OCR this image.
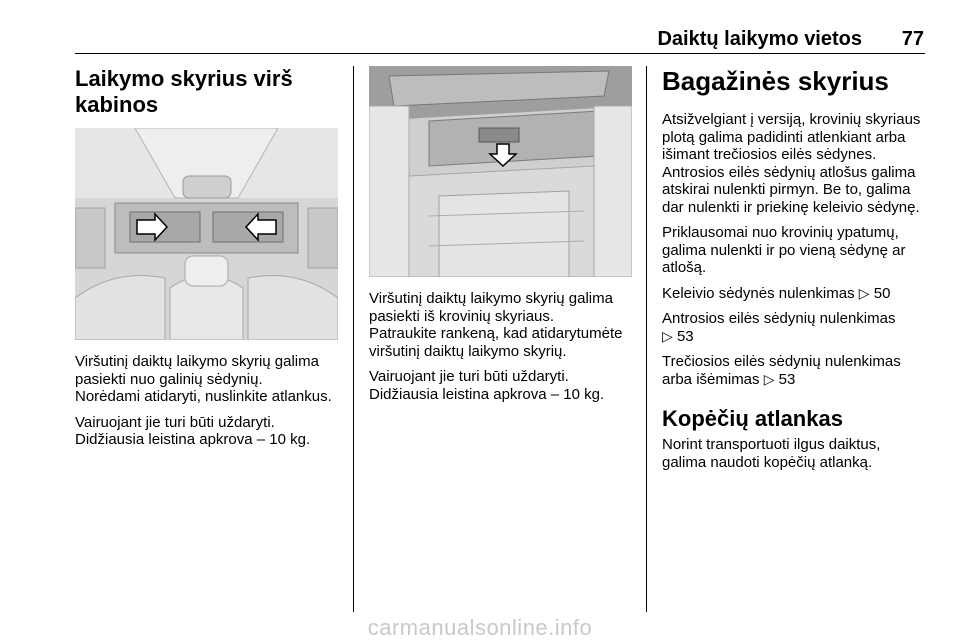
Daiktų laikymo vietos	77
Laikymo skyrius virš kabinos

Viršutinį daiktų laikymo skyrių galima pasiekti nuo galinių sėdynių.

Norėdami atidaryti, nuslinkite atlankus.

Vairuojant jie turi būti uždaryti.

Didžiausia leistina apkrova – 10 kg.

Viršutinį daiktų laikymo skyrių galima pasiekti iš krovinių skyriaus.

Patraukite rankeną, kad atidarytumėte viršutinį daiktų laikymo skyrių.

Vairuojant jie turi būti uždaryti.

Didžiausia leistina apkrova – 10 kg.

Bagažinės skyrius

Atsižvelgiant į versiją, krovinių skyriaus plotą galima padidinti atlenkiant arba išimant trečiosios eilės sėdynes. Antrosios eilės sėdynių atlošus galima atskirai nulenkti pirmyn. Be to, galima dar nulenkti ir priekinę keleivio sėdynę.

Priklausomai nuo krovinių ypatumų, galima nulenkti ir po vieną sėdynę ar atlošą.

Keleivio sėdynės nulenkimas ▷ 50

Antrosios eilės sėdynių nulenkimas
▷ 53

Trečiosios eilės sėdynių nulenkimas arba išėmimas ▷ 53

Kopėčių atlankas

Norint transportuoti ilgus daiktus, galima naudoti kopėčių atlanką.

carmanualsonline.info
